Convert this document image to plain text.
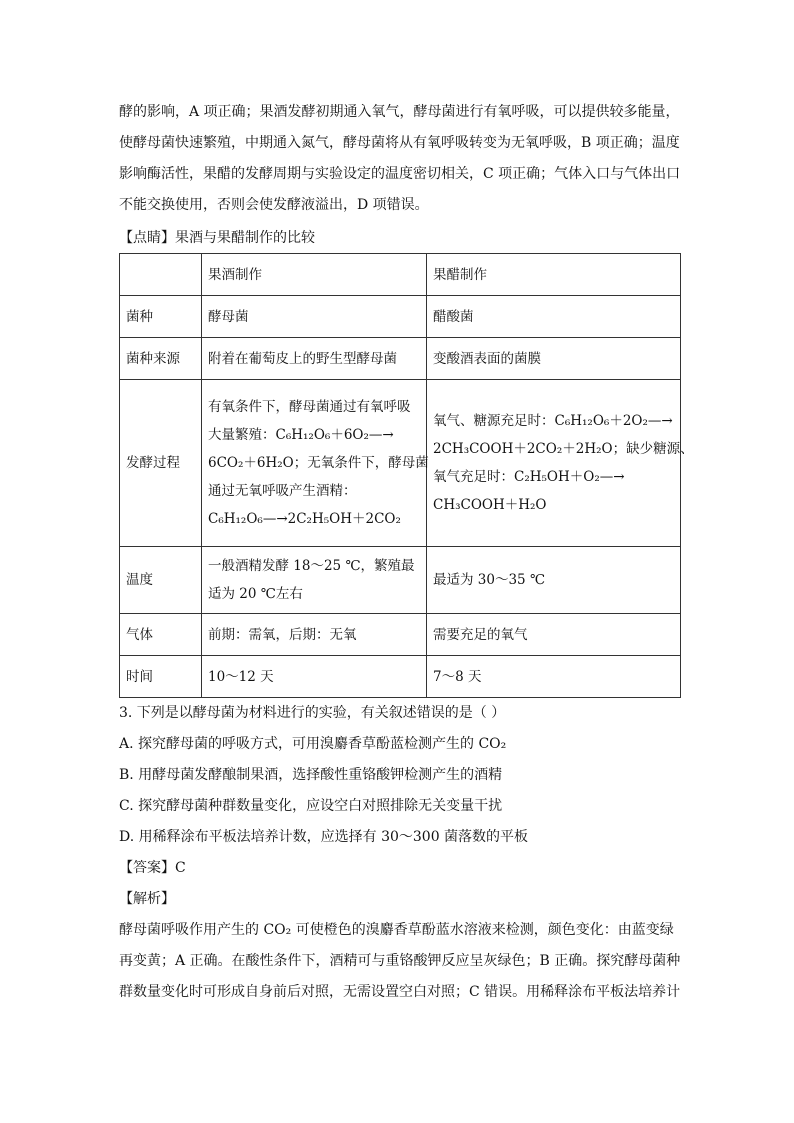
酵的影响，A 项正确；果酒发酵初期通入氧气，酵母菌进行有氧呼吸，可以提供较多能量，
使酵母菌快速繁殖，中期通入氮气，酵母菌将从有氧呼吸转变为无氧呼吸，B 项正确；温度
影响酶活性，果醋的发酵周期与实验设定的温度密切相关，C 项正确；气体入口与气体出口
不能交换使用，否则会使发酵液溢出，D 项错误。

【点睛】果酒与果醋制作的比较

	果酒制作	果醋制作
菌种	酵母菌	醋酸菌

菌种来源	附着在葡萄皮上的野生型酵母菌	变酸酒表面的菌膜

发酵过程	有氧条件下，酵母菌通过有氧呼吸
大量繁殖：C₆H₁₂O₆＋6O₂—→
6CO₂＋6H₂O；无氧条件下，酵母菌
通过无氧呼吸产生酒精：
C₆H₁₂O₆—→2C₂H₅OH＋2CO₂	氧气、糖源充足时：C₆H₁₂O₆＋2O₂—→
2CH₃COOH＋2CO₂＋2H₂O；缺少糖源、
氧气充足时：C₂H₅OH＋O₂—→
CH₃COOH＋H₂O

温度	一般酒精发酵 18～25 ℃，繁殖最
适为 20 ℃左右	最适为 30～35 ℃

气体	前期：需氧，后期：无氧	需要充足的氧气

时间	10～12 天	7～8 天

3. 下列是以酵母菌为材料进行的实验，有关叙述错误的是（ ）

A. 探究酵母菌的呼吸方式，可用溴麝香草酚蓝检测产生的 CO₂

B. 用酵母菌发酵酿制果酒，选择酸性重铬酸钾检测产生的酒精

C. 探究酵母菌种群数量变化，应设空白对照排除无关变量干扰

D. 用稀释涂布平板法培养计数，应选择有 30～300 菌落数的平板

【答案】C

【解析】

酵母菌呼吸作用产生的 CO₂ 可使橙色的溴麝香草酚蓝水溶液来检测，颜色变化：由蓝变绿
再变黄；A 正确。在酸性条件下，酒精可与重铬酸钾反应呈灰绿色；B 正确。探究酵母菌种
群数量变化时可形成自身前后对照，无需设置空白对照；C 错误。用稀释涂布平板法培养计
